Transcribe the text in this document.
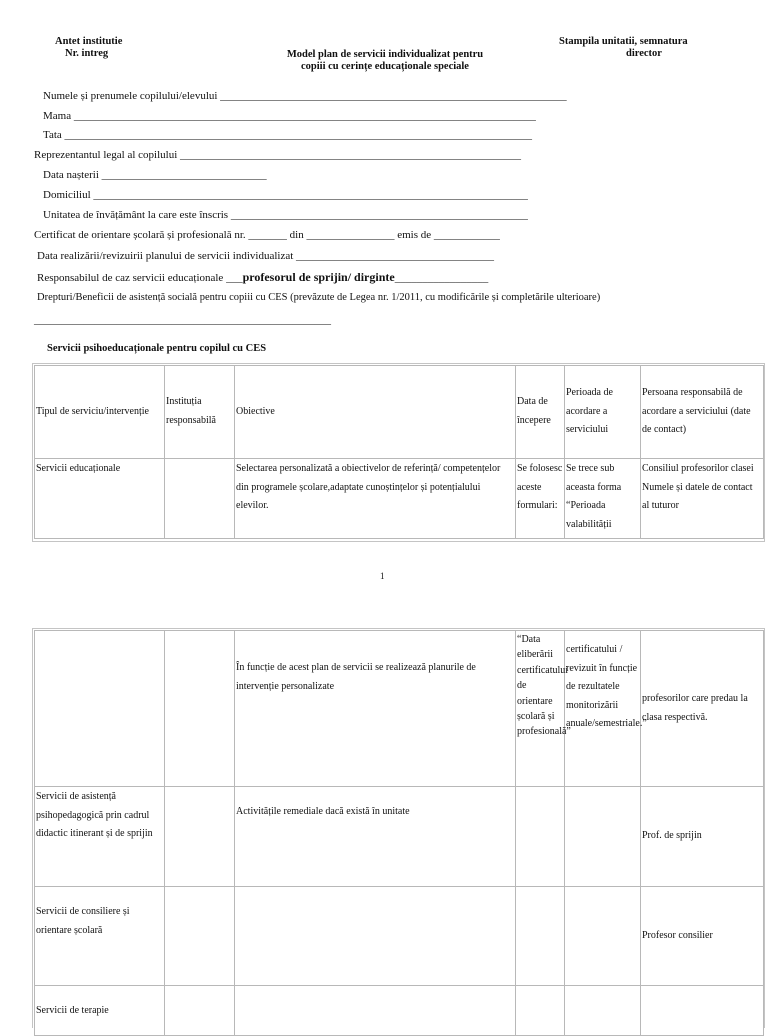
Antet institutie
Nr. intreg	Model plan de servicii individualizat pentru
copiii cu cerințe educaționale speciale
Stampila unitatii, semnatura
director
Numele și prenumele copilului/elevului _______________________________________________________________
Mama ____________________________________________________________________________________
Tata _____________________________________________________________________________________
Reprezentantul legal al copilului ______________________________________________________________
Data nașterii ______________________________
Domiciliul _______________________________________________________________________________
Unitatea de învățământ la care este înscris ______________________________________________________
Certificat de orientare școlară și profesională nr. _______ din ________________ emis de ____________
Data realizării/revizuirii planului de servicii individualizat ____________________________________
Responsabilul de caz servicii educaționale ___profesorul de sprijin/ dirginte_________________
Drepturi/Beneficii de asistență socială pentru copiii cu CES (prevăzute de Legea nr. 1/2011, cu modificările și completările ulterioare)
______________________________________________________
Servicii psihoeducaționale pentru copilul cu CES
Tipul de serviciu/intervenție	Instituția responsabilă	Obiective	Data de începere	Perioada de acordare a serviciului	Persoana responsabilă de acordare a serviciului (date de contact)
Servicii educaționale		Selectarea personalizată a obiectivelor de referință/ competențelor din programele școlare,adaptate cunoștințelor și potențialului elevilor.	Se folosesc aceste formulari:	Se trece sub aceasta forma “Perioada valabilității	Consiliul profesorilor clasei Numele și datele de contact al tuturor
1
		În funcție de acest plan de servicii se realizează planurile de intervenție personalizate	“Data eliberării certificatului de orientare școlară și profesională”	certificatului / revizuit în funcție de rezultatele monitorizării anuale/semestriale.”	profesorilor care predau la clasa respectivă.
Servicii de asistență psihopedagogică prin cadrul didactic itinerant și de sprijin		Activitățile remediale dacă există în unitate			Prof. de sprijin
Servicii de consiliere și orientare școlară					Profesor consilier
Servicii de terapie					
